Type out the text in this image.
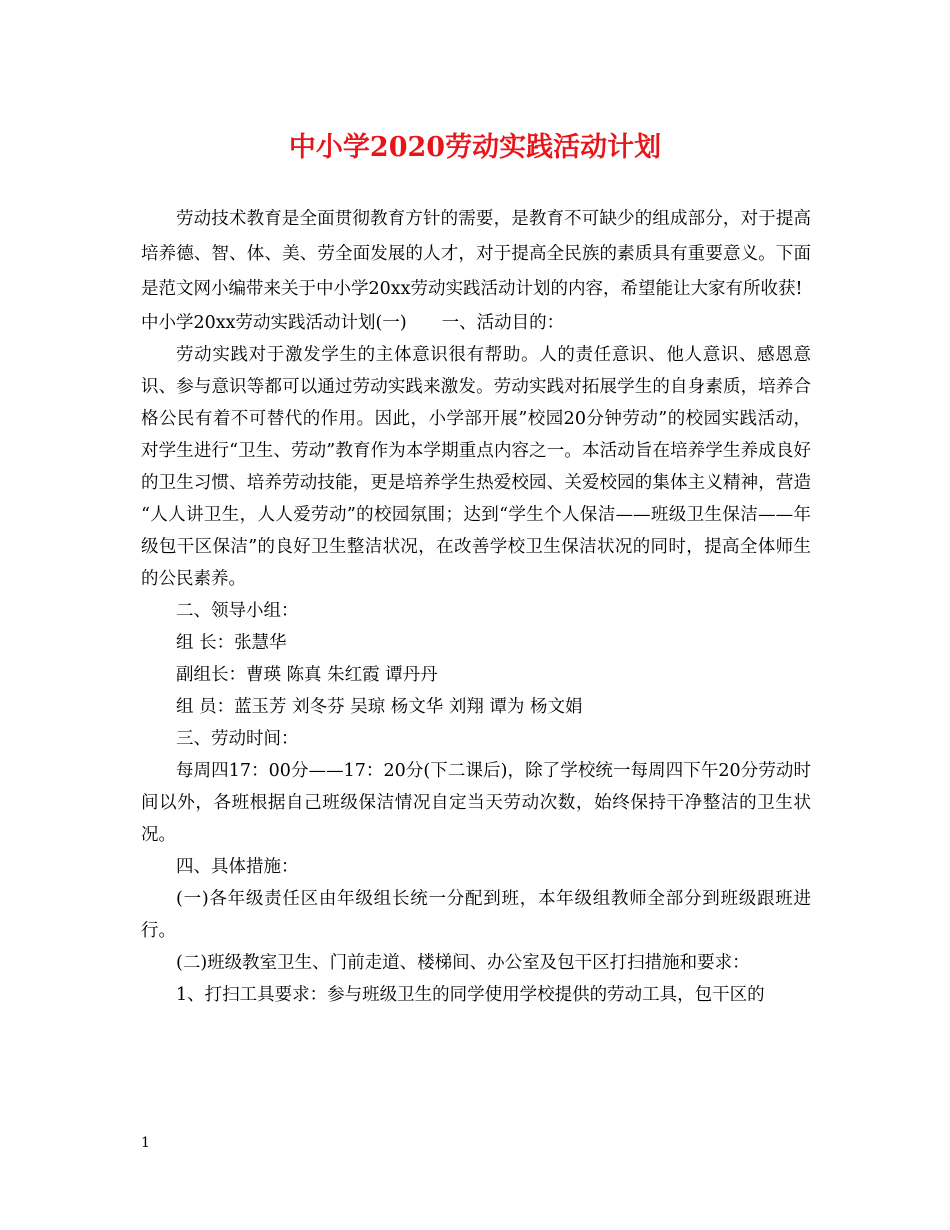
中小学2020劳动实践活动计划

劳动技术教育是全面贯彻教育方针的需要，是教育不可缺少的组成部分，对于提高培养德、智、体、美、劳全面发展的人才，对于提高全民族的素质具有重要意义。下面是范文网小编带来关于中小学20xx劳动实践活动计划的内容，希望能让大家有所收获!

中小学20xx劳动实践活动计划(一)　　一、活动目的：

劳动实践对于激发学生的主体意识很有帮助。人的责任意识、他人意识、感恩意识、参与意识等都可以通过劳动实践来激发。劳动实践对拓展学生的自身素质，培养合格公民有着不可替代的作用。因此，小学部开展”校园20分钟劳动”的校园实践活动，对学生进行“卫生、劳动”教育作为本学期重点内容之一。本活动旨在培养学生养成良好的卫生习惯、培养劳动技能，更是培养学生热爱校园、关爱校园的集体主义精神，营造 “人人讲卫生，人人爱劳动”的校园氛围；达到“学生个人保洁——班级卫生保洁——年级包干区保洁”的良好卫生整洁状况，在改善学校卫生保洁状况的同时，提高全体师生的公民素养。

二、领导小组：

组 长：张慧华

副组长：曹瑛 陈真 朱红霞 谭丹丹

组 员：蓝玉芳 刘冬芬 吴琼 杨文华 刘翔 谭为 杨文娟

三、劳动时间：

每周四17：00分——17：20分(下二课后)，除了学校统一每周四下午20分劳动时间以外，各班根据自己班级保洁情况自定当天劳动次数，始终保持干净整洁的卫生状况。

四、具体措施：

(一)各年级责任区由年级组长统一分配到班，本年级组教师全部分到班级跟班进行。

(二)班级教室卫生、门前走道、楼梯间、办公室及包干区打扫措施和要求：

1、打扫工具要求：参与班级卫生的同学使用学校提供的劳动工具，包干区的

1
